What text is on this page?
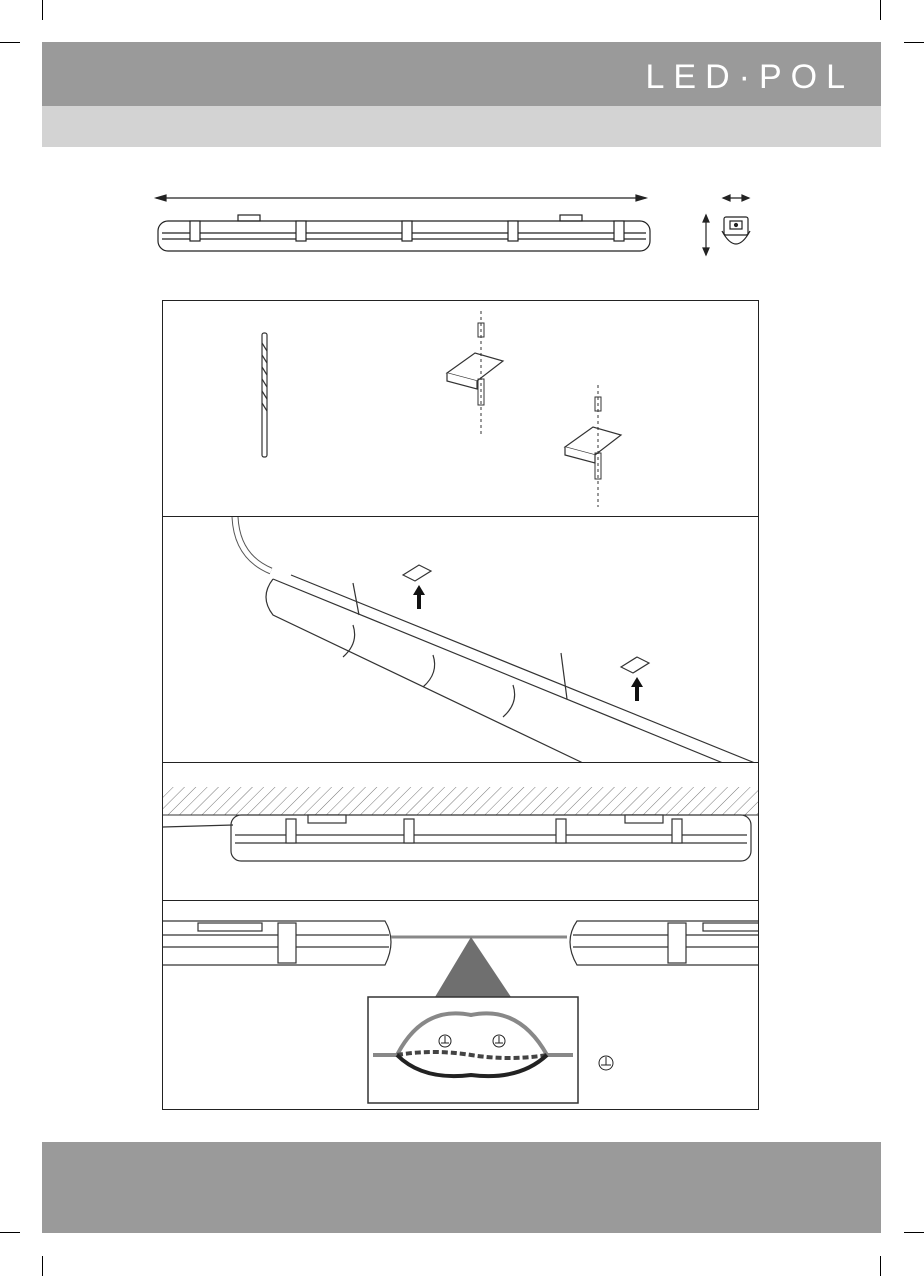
LED·POL
